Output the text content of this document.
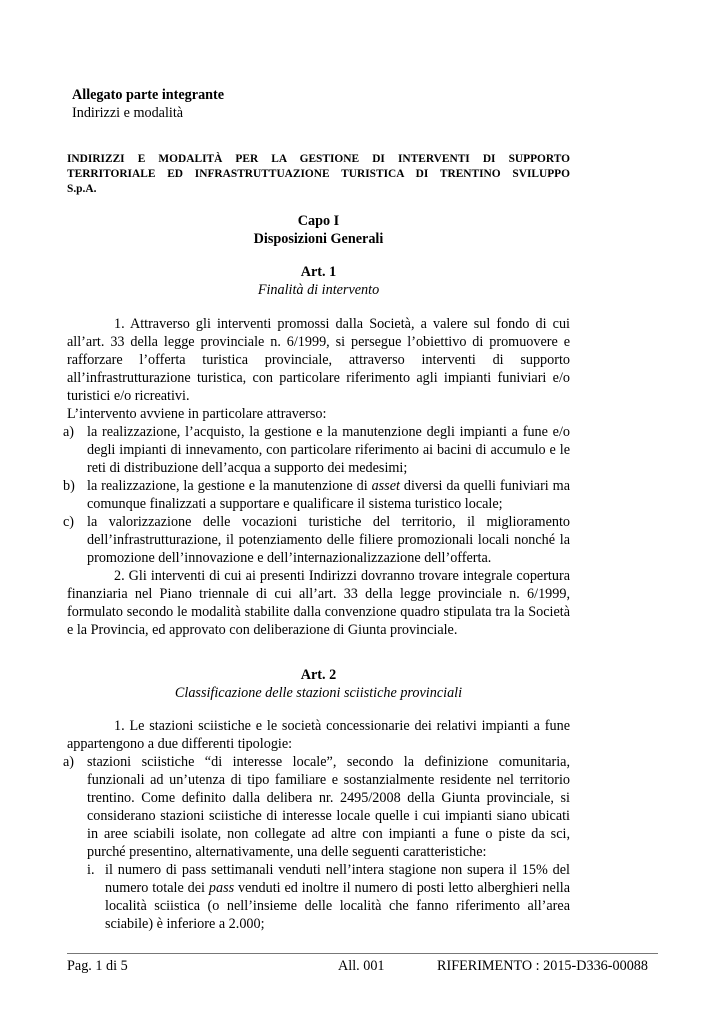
Allegato parte integrante
Indirizzi e modalità
INDIRIZZI E MODALITÀ PER LA GESTIONE DI INTERVENTI DI SUPPORTO
TERRITORIALE ED INFRASTRUTTUAZIONE TURISTICA DI TRENTINO SVILUPPO
S.p.A.
Capo I
Disposizioni Generali
Art. 1
Finalità di intervento

1. Attraverso gli interventi promossi dalla Società, a valere sul fondo di cui all’art. 33 della legge provinciale n. 6/1999, si persegue l’obiettivo di promuovere e rafforzare l’offerta turistica provinciale, attraverso interventi di supporto all’infrastrutturazione turistica, con particolare riferimento agli impianti funiviari e/o turistici e/o ricreativi.

L’intervento avviene in particolare attraverso:

a) la realizzazione, l’acquisto, la gestione e la manutenzione degli impianti a fune e/o degli impianti di innevamento, con particolare riferimento ai bacini di accumulo e le reti di distribuzione dell’acqua a supporto dei medesimi;
b) la realizzazione, la gestione e la manutenzione di asset diversi da quelli funiviari ma comunque finalizzati a supportare e qualificare il sistema turistico locale;
c) la valorizzazione delle vocazioni turistiche del territorio, il miglioramento dell’infrastrutturazione, il potenziamento delle filiere promozionali locali nonché la promozione dell’innovazione e dell’internazionalizzazione dell’offerta.

2. Gli interventi di cui ai presenti Indirizzi dovranno trovare integrale copertura finanziaria nel Piano triennale di cui all’art. 33 della legge provinciale n. 6/1999, formulato secondo le modalità stabilite dalla convenzione quadro stipulata tra la Società e la Provincia, ed approvato con deliberazione di Giunta provinciale.

Art. 2
Classificazione delle stazioni sciistiche provinciali

1. Le stazioni sciistiche e le società concessionarie dei relativi impianti a fune appartengono a due differenti tipologie:

a) stazioni sciistiche “di interesse locale”, secondo la definizione comunitaria, funzionali ad un’utenza di tipo familiare e sostanzialmente residente nel territorio trentino. Come definito dalla delibera nr. 2495/2008 della Giunta provinciale, si considerano stazioni sciistiche di interesse locale quelle i cui impianti siano ubicati in aree sciabili isolate, non collegate ad altre con impianti a fune o piste da sci, purché presentino, alternativamente, una delle seguenti caratteristiche:
i. il numero di pass settimanali venduti nell’intera stagione non supera il 15% del numero totale dei pass venduti ed inoltre il numero di posti letto alberghieri nella località sciistica (o nell’insieme delle località che fanno riferimento all’area sciabile) è inferiore a 2.000;
Pag. 1 di 5	All. 001	RIFERIMENTO : 2015-D336-00088
